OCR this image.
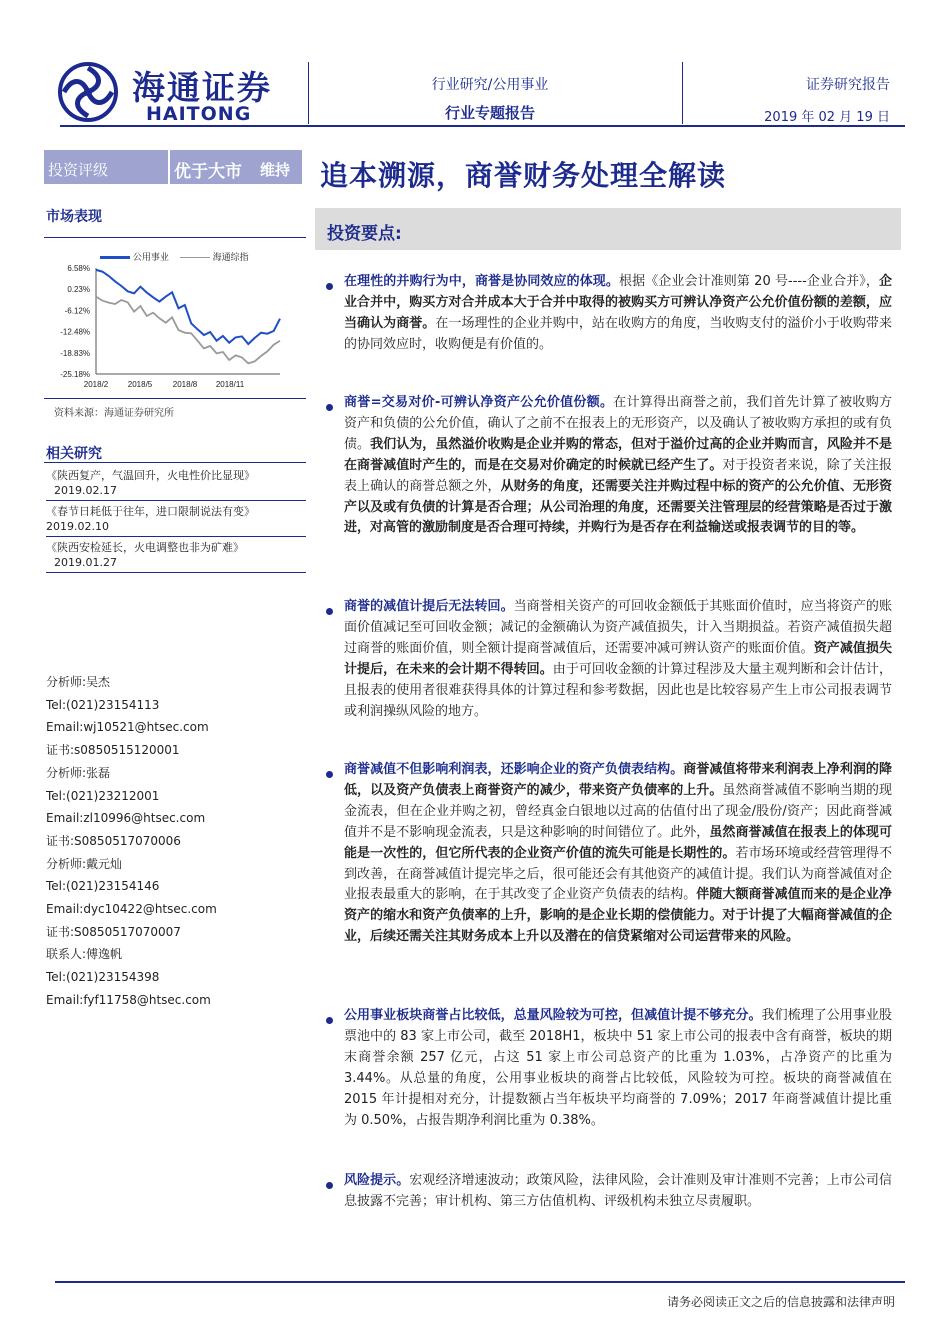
海通证券
HAITONG
行业研究/公用事业
行业专题报告
证券研究报告
2019 年 02 月 19 日
投资评级	优于大市 维持 追本溯源，商誉财务处理全解读
市场表现
公用事业	海通综指
6.58%
0.23%
-6.12%
-12.48%
-18.83%
-25.18%
2018/2 2018/5	2018/8 2018/11
资料来源：海通证券研究所
相关研究
《陕西复产，气温回升，火电性价比显现》
2019.02.17
《春节日耗低于往年，进口限制说法有变》2019.02.10
《陕西安检延长，火电调整也非为矿难》
2019.01.27
分析师:吴杰
Tel:(021)23154113
Email:wj10521@htsec.com
证书:s0850515120001
分析师:张磊
Tel:(021)23212001
Email:zl10996@htsec.com
证书:S0850517070006
分析师:戴元灿
Tel:(021)23154146
Email:dyc10422@htsec.com
证书:S0850517070007
联系人:傅逸帆
Tel:(021)23154398
Email:fyf11758@htsec.com
投资要点:
在理性的并购行为中，商誉是协同效应的体现。根据《企业会计准则第 20 号----企业合并》，企业合并中，购买方对合并成本大于合并中取得的被购买方可辨认净资产公允价值份额的差额，应当确认为商誉。在一场理性的企业并购中，站在收购方的角度，当收购支付的溢价小于收购带来的协同效应时，收购便是有价值的。
商誉=交易对价-可辨认净资产公允价值份额。在计算得出商誉之前，我们首先计算了被收购方资产和负债的公允价值，确认了之前不在报表上的无形资产，以及确认了被收购方承担的或有负债。我们认为，虽然溢价收购是企业并购的常态，但对于溢价过高的企业并购而言，风险并不是在商誉减值时产生的，而是在交易对价确定的时候就已经产生了。对于投资者来说，除了关注报表上确认的商誉总额之外，从财务的角度，还需要关注并购过程中标的资产的公允价值、无形资产以及或有负债的计算是否合理；从公司治理的角度，还需要关注管理层的经营策略是否过于激进，对高管的激励制度是否合理可持续，并购行为是否存在利益输送或报表调节的目的等。
商誉的减值计提后无法转回。当商誉相关资产的可回收金额低于其账面价值时，应当将资产的账面价值减记至可回收金额；减记的金额确认为资产减值损失，计入当期损益。若资产减值损失超过商誉的账面价值，则全额计提商誉减值后，还需要冲减可辨认资产的账面价值。资产减值损失计提后，在未来的会计期不得转回。由于可回收金额的计算过程涉及大量主观判断和会计估计，且报表的使用者很难获得具体的计算过程和参考数据，因此也是比较容易产生上市公司报表调节或利润操纵风险的地方。
商誉减值不但影响利润表，还影响企业的资产负债表结构。商誉减值将带来利润表上净利润的降低，以及资产负债表上商誉资产的减少，带来资产负债率的上升。虽然商誉减值不影响当期的现金流表，但在企业并购之初，曾经真金白银地以过高的估值付出了现金/股份/资产；因此商誉减值并不是不影响现金流表，只是这种影响的时间错位了。此外，虽然商誉减值在报表上的体现可能是一次性的，但它所代表的企业资产价值的流失可能是长期性的。若市场环境或经营管理得不到改善，在商誉减值计提完毕之后，很可能还会有其他资产的减值计提。我们认为商誉减值对企业报表最重大的影响，在于其改变了企业资产负债表的结构。伴随大额商誉减值而来的是企业净资产的缩水和资产负债率的上升，影响的是企业长期的偿债能力。对于计提了大幅商誉减值的企业，后续还需关注其财务成本上升以及潜在的信贷紧缩对公司运营带来的风险。
公用事业板块商誉占比较低，总量风险较为可控，但减值计提不够充分。我们梳理了公用事业股票池中的 83 家上市公司，截至 2018H1，板块中 51 家上市公司的报表中含有商誉，板块的期末商誉余额 257 亿元，占这 51 家上市公司总资产的比重为 1.03%，占净资产的比重为 3.44%。从总量的角度，公用事业板块的商誉占比较低，风险较为可控。板块的商誉减值在 2015 年计提相对充分，计提数额占当年板块平均商誉的 7.09%；2017 年商誉减值计提比重为 0.50%，占报告期净利润比重为 0.38%。
风险提示。宏观经济增速波动；政策风险，法律风险，会计准则及审计准则不完善；上市公司信息披露不完善；审计机构、第三方估值机构、评级机构未独立尽责履职。
请务必阅读正文之后的信息披露和法律声明
